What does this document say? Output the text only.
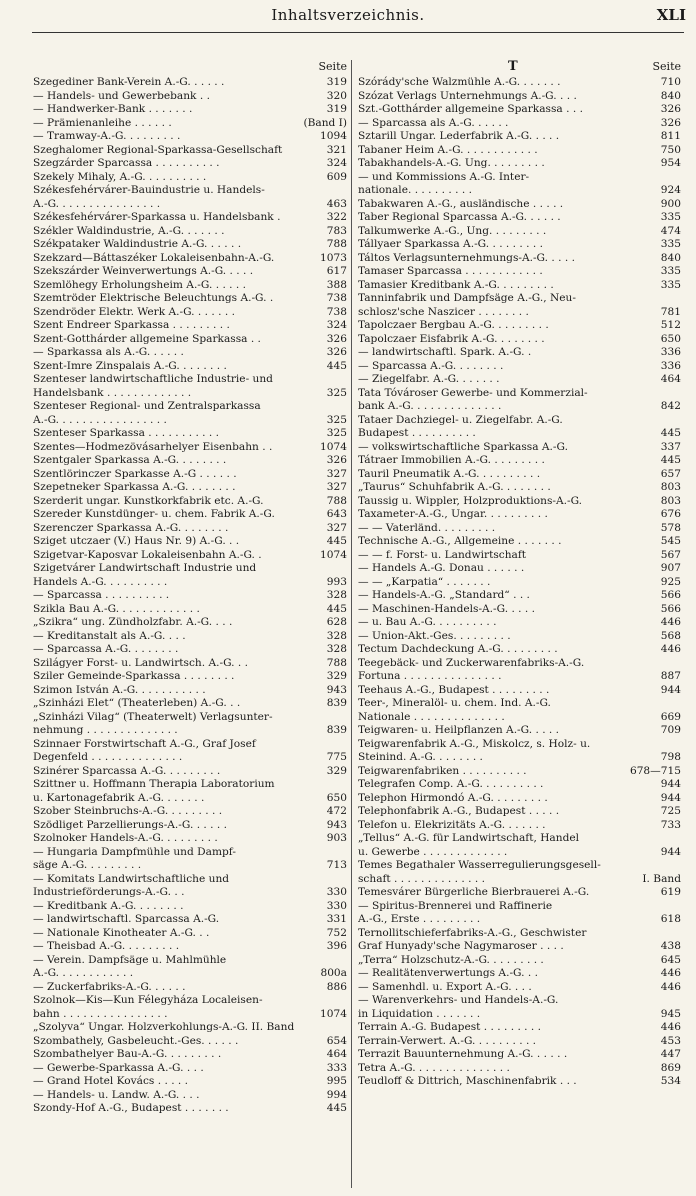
Inhaltsverzeichnis.	XLI
Seite
Szegediner Bank-Verein A.-G. . . . . .	319
— Handels- und Gewerbebank . .	320
— Handwerker-Bank . . . . . . .	319
— Prämienanleihe . . . . . .	(Band I)
— Tramway-A.-G. . . . . . . . .	1094
Szeghalomer Regional-Sparkassa-Gesellschaft	321
Szegzárder Sparcassa . . . . . . . . . .	324
Szekely Mihaly, A.-G. . . . . . . . . .	609
Székesfehérvárer-Bauindustrie u. Handels-
A.-G. . . . . . . . . . . . . . . .	463
Székesfehérvárer-Sparkassa u. Handelsbank .	322
Székler Waldindustrie, A.-G. . . . . . .	783
Székpataker Waldindustrie A.-G. . . . . .	788
Szekzard—Báttaszéker Lokaleisenbahn-A.-G.	1073
Szekszárder Weinverwertungs A.-G. . . . .	617
Szemlöhegy Erholungsheim A.-G. . . . . .	388
Szemtröder Elektrische Beleuchtungs A.-G. .	738
Szendröder Elektr. Werk A.-G. . . . . . .	738
Szent Endreer Sparkassa . . . . . . . . .	324
Szent-Gotthárder allgemeine Sparkassa . .	326
— Sparkassa als A.-G. . . . . .	326
Szent-Imre Zinspalais A.-G. . . . . . . .	445
Szenteser landwirtschaftliche Industrie- und
Handelsbank . . . . . . . . . . . . .	325
Szenteser Regional- und Zentralsparkassa
A.-G. . . . . . . . . . . . . . . . .	325
Szenteser Sparkassa . . . . . . . . . . .	325
Szentes—Hodmezövásarhelyer Eisenbahn . .	1074
Szentgaler Sparkassa A.-G. . . . . . . .	326
Szentlörinczer Sparkasse A.-G . . . . . .	327
Szepetneker Sparkassa A.-G. . . . . . . .	327
Szerderit ungar. Kunstkorkfabrik etc. A.-G.	788
Szereder Kunstdünger- u. chem. Fabrik A.-G.	643
Szerenczer Sparkassa A.-G. . . . . . . .	327
Sziget utczaer (V.) Haus Nr. 9) A.-G. . .	445
Szigetvar-Kaposvar Lokaleisenbahn A.-G. .	1074
Szigetvárer Landwirtschaft Industrie und
Handels A.-G. . . . . . . . . .	993
— Sparcassa . . . . . . . . . .	328
Szikla Bau A.-G. . . . . . . . . . . . .	445
„Szikra“ ung. Zündholzfabr. A.-G. . . .	628
— Kreditanstalt als A.-G. . . .	328
— Sparcassa A.-G. . . . . . . .	328
Szilágyer Forst- u. Landwirtsch. A.-G. . .	788
Sziler Gemeinde-Sparkassa . . . . . . . .	329
Szimon István A.-G. . . . . . . . . . .	943
„Szinházi Elet“ (Theaterleben) A.-G. . .	839
„Szinházi Vilag“ (Theaterwelt) Verlagsunter-
nehmung . . . . . . . . . . . . . .	839
Szinnaer Forstwirtschaft A.-G., Graf Josef
Degenfeld . . . . . . . . . . . . . .	775
Szinérer Sparcassa A.-G. . . . . . . . .	329
Szittner u. Hoffmann Therapia Laboratorium
u. Kartonagefabrik A.-G. . . . . . .	650
Szober Steinbruchs-A.-G. . . . . . . . .	472
Szödliget Parzellierungs-A.-G. . . . . .	943
Szolnoker Handels-A.-G. . . . . . . . .	903
— Hungaria Dampfmühle und Dampf-
säge A.-G. . . . . . . . .	713
— Komitats Landwirtschaftliche und
Industrieförderungs-A.-G. . .	330
— Kreditbank A.-G. . . . . . . .	330
— landwirtschaftl. Sparcassa A.-G.	331
— Nationale Kinotheater A.-G. . .	752
— Theisbad A.-G. . . . . . . . .	396
— Verein. Dampfsäge u. Mahlmühle
A.-G. . . . . . . . . . . .	800a
— Zuckerfabriks-A.-G. . . . . .	886
Szolnok—Kis—Kun Félegyháza Localeisen-
bahn . . . . . . . . . . . . . . . .	1074
„Szolyva“ Ungar. Holzverkohlungs-A.-G. II. Band
Szombathely, Gasbeleucht.-Ges. . . . . .	654
Szombathelyer Bau-A.-G. . . . . . . . .	464
— Gewerbe-Sparkassa A.-G. . . .	333
— Grand Hotel Kovács . . . . .	995
— Handels- u. Landw. A.-G. . . .	994
Szondy-Hof A.-G., Budapest . . . . . . .	445
T	Seite
Szórády'sche Walzmühle A.-G. . . . . . .	710
Szózat Verlags Unternehmungs A.-G. . . .	840
Szt.-Gotthárder allgemeine Sparkassa . . .	326
— Sparcassa als A.-G. . . . . .	326
Sztarill Ungar. Lederfabrik A.-G. . . . .	811
Tabaner Heim A.-G. . . . . . . . . . . .	750
Tabakhandels-A.-G. Ung. . . . . . . . .	954
— und Kommissions A.-G. Inter-
nationale. . . . . . . . . .	924
Tabakwaren A.-G., ausländische . . . . .	900
Taber Regional Sparcassa A.-G. . . . . .	335
Talkumwerke A.-G., Ung. . . . . . . . .	474
Tállyaer Sparkassa A.-G. . . . . . . . .	335
Táltos Verlagsunternehmungs-A.-G. . . . .	840
Tamaser Sparcassa . . . . . . . . . . . .	335
Tamasier Kreditbank A.-G. . . . . . . . .	335
Tanninfabrik und Dampfsäge A.-G., Neu-
schlosz'sche Naszicer . . . . . . . .	781
Tapolczaer Bergbau A.-G. . . . . . . . .	512
Tapolczaer Eisfabrik A.-G. . . . . . . .	650
— landwirtschaftl. Spark. A.-G. .	336
— Sparcassa A.-G. . . . . . . .	336
— Ziegelfabr. A.-G. . . . . . .	464
Tata Tóvároser Gewerbe- und Kommerzial-
bank A.-G. . . . . . . . . . . . . .	842
Tataer Dachziegel- u. Ziegelfabr. A.-G.
Budapest . . . . . . . . . .	445
— volkswirtschaftliche Sparkassa A.-G.	337
Tátraer Immobilien A.-G. . . . . . . . .	445
Tauril Pneumatik A.-G. . . . . . . . . .	657
„Taurus“ Schuhfabrik A.-G. . . . . . . .	803
Taussig u. Wippler, Holzproduktions-A.-G.	803
Taxameter-A.-G., Ungar. . . . . . . . . .	676
— — Vaterländ. . . . . . . . .	578
Technische A.-G., Allgemeine . . . . . . .	545
— — f. Forst- u. Landwirtschaft	567
— Handels A.-G. Donau . . . . . .	907
— — „Karpatia“ . . . . . . .	925
— Handels-A.-G. „Standard“ . . .	566
— Maschinen-Handels-A.-G. . . . .	566
— u. Bau A.-G. . . . . . . . . .	446
— Union-Akt.-Ges. . . . . . . . .	568
Tectum Dachdeckung A.-G. . . . . . . . .	446
Teegebäck- und Zuckerwarenfabriks-A.-G.
Fortuna . . . . . . . . . . . . . . .	887
Teehaus A.-G., Budapest . . . . . . . . .	944
Teer-, Mineralöl- u. chem. Ind. A.-G.
Nationale . . . . . . . . . . . . . .	669
Teigwaren- u. Heilpflanzen A.-G. . . . .	709
Teigwarenfabrik A.-G., Miskolcz, s. Holz- u.
Steinind. A.-G. . . . . . . .	798
Teigwarenfabriken . . . . . . . . . .	678—715
Telegrafen Comp. A.-G. . . . . . . . . .	944
Telephon Hirmondó A.-G. . . . . . . . .	944
Telephonfabrik A.-G., Budapest . . . . .	725
Telefon u. Elekrizitäts A.-G. . . . . . .	733
„Tellus“ A.-G. für Landwirtschaft, Handel
u. Gewerbe . . . . . . . . . . . . .	944
Temes Begathaler Wasserregulierungsgesell-
schaft . . . . . . . . . . . . . .	I. Band
Temesvárer Bürgerliche Bierbrauerei A.-G.	619
— Spiritus-Brennerei und Raffinerie
A.-G., Erste . . . . . . . . .	618
Ternollitschieferfabriks-A.-G., Geschwister
Graf Hunyady'sche Nagymaroser . . . .	438
„Terra“ Holzschutz-A.-G. . . . . . . . .	645
— Realitätenverwertungs A.-G. . .	446
— Samenhdl. u. Export A.-G. . . .	446
— Warenverkehrs- und Handels-A.-G.
in Liquidation . . . . . . .	945
Terrain A.-G. Budapest . . . . . . . . .	446
Terrain-Verwert. A.-G. . . . . . . . . .	453
Terrazit Bauunternehmung A.-G. . . . . .	447
Tetra A.-G. . . . . . . . . . . . . . .	869
Teudloff & Dittrich, Maschinenfabrik . . .	534
